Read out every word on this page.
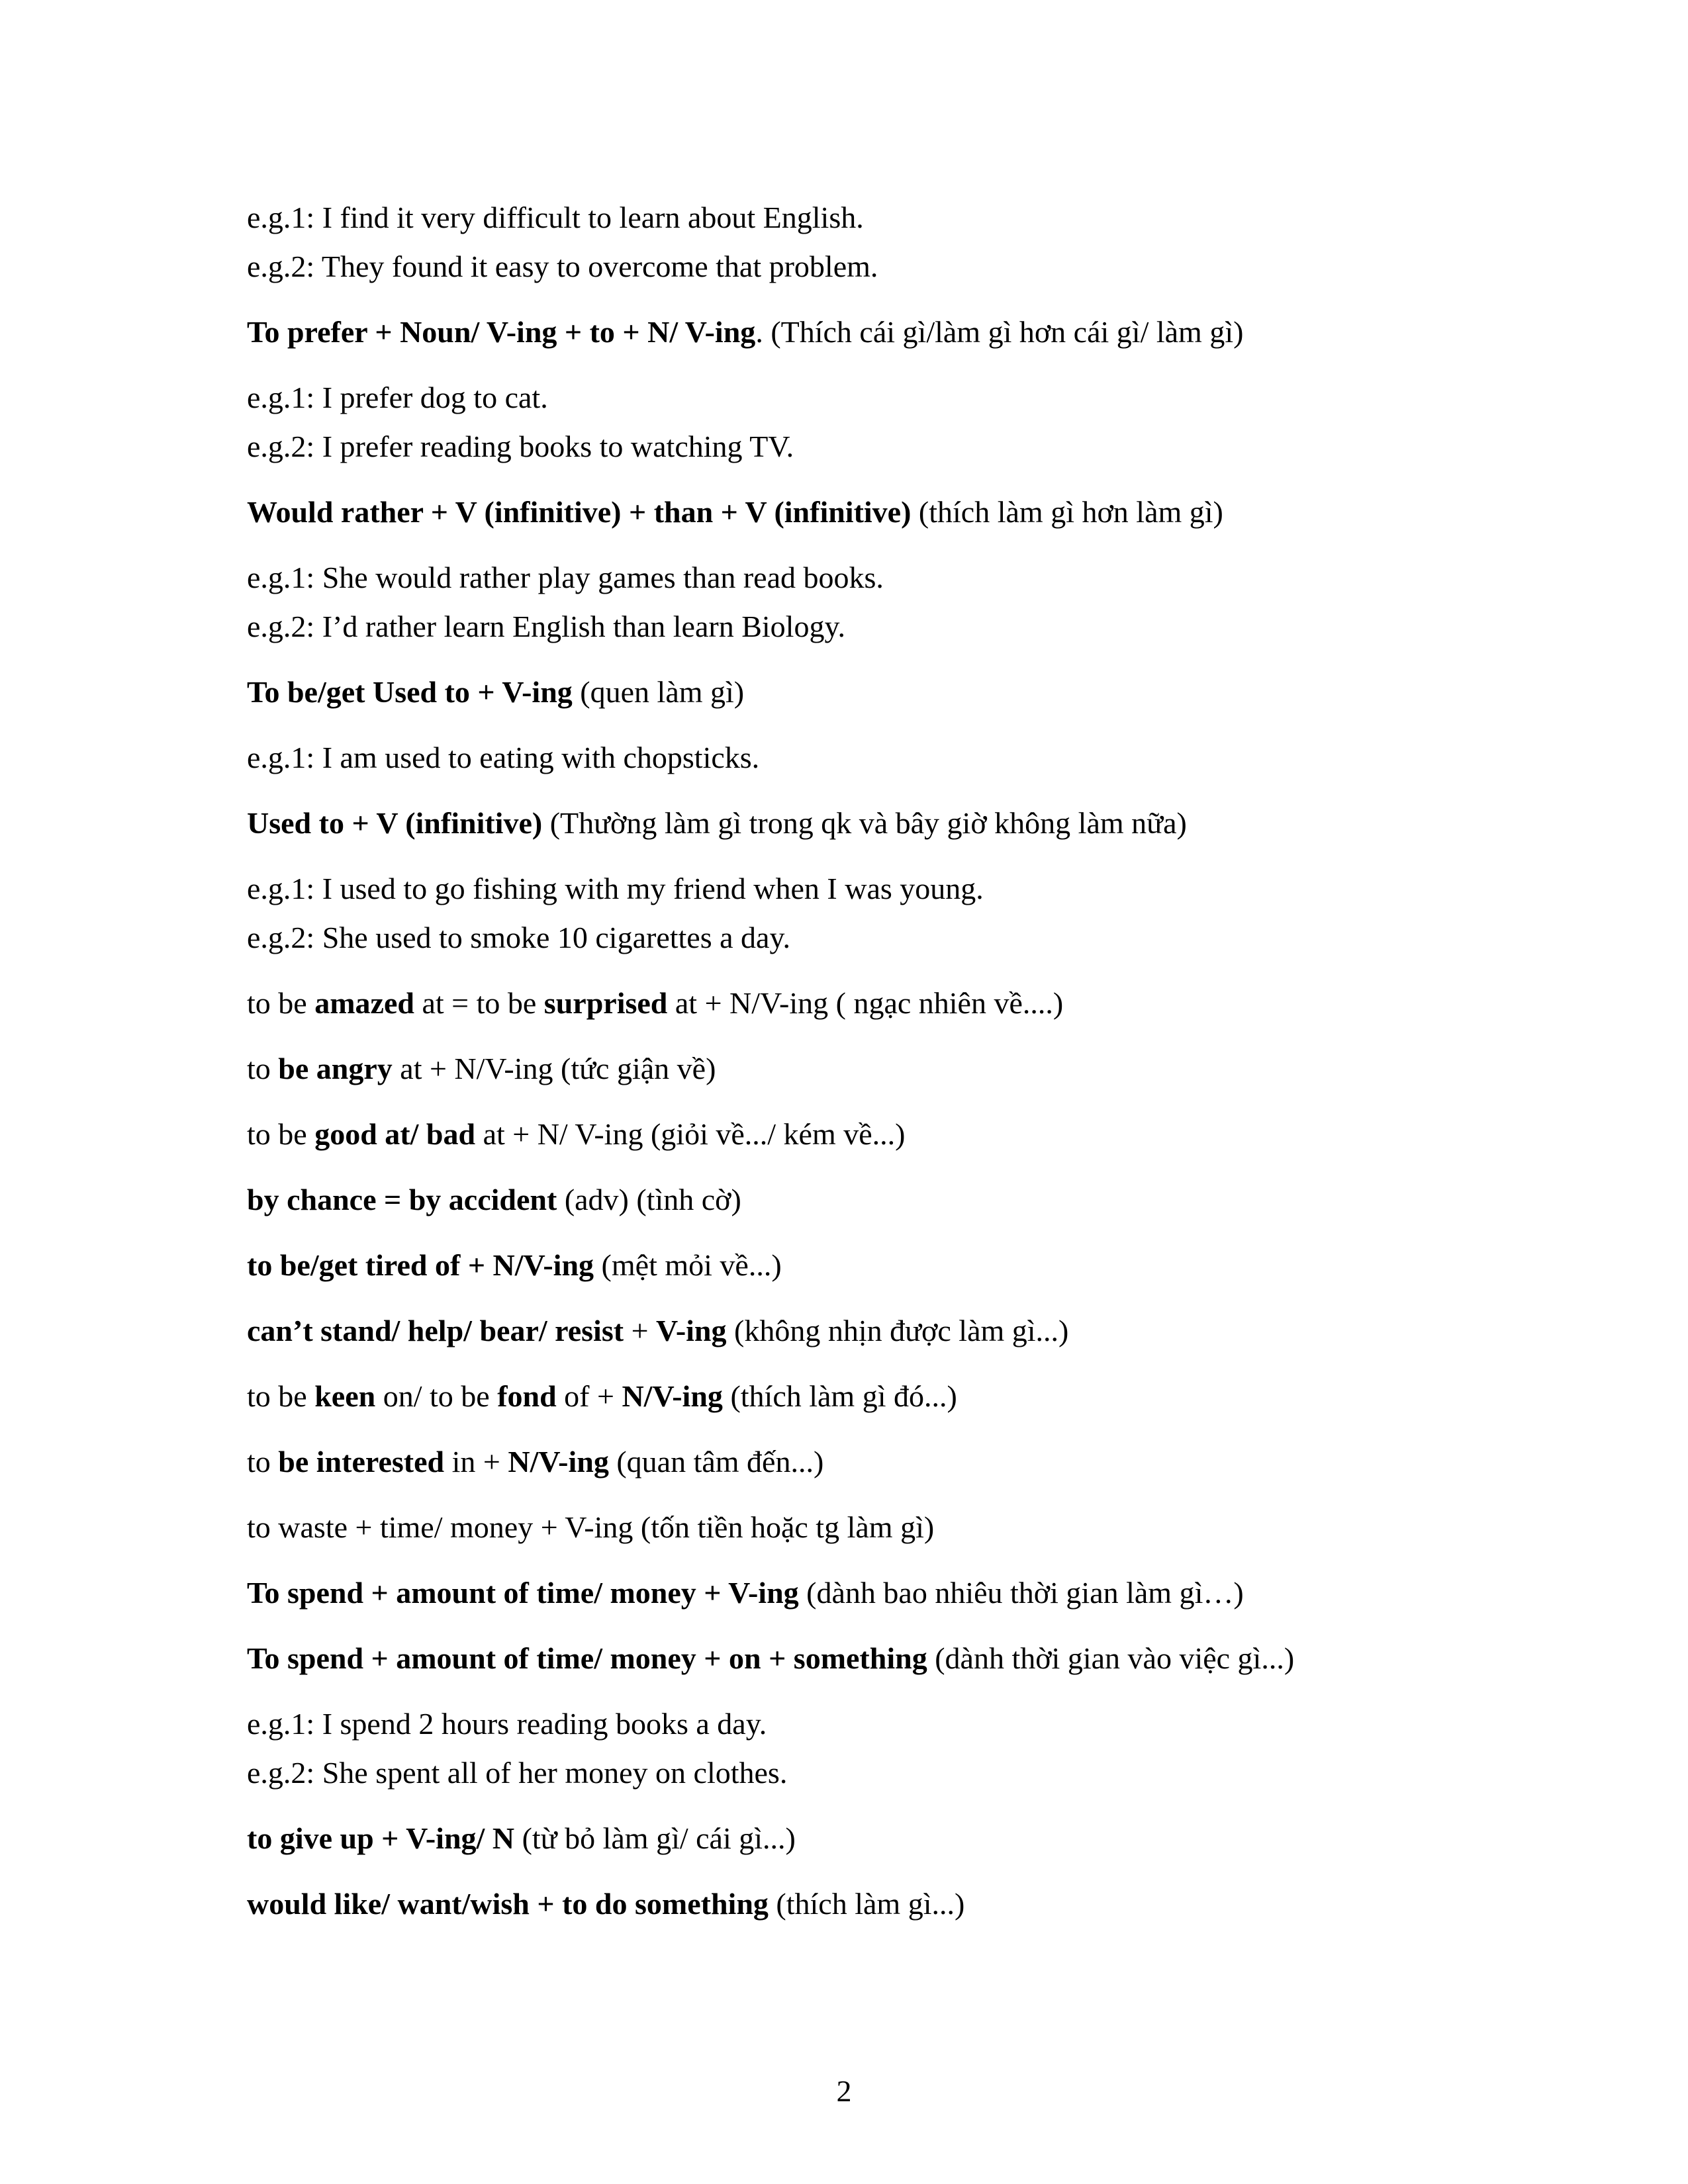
e.g.1: I find it very difficult to learn about English.
e.g.2: They found it easy to overcome that problem.
To prefer + Noun/ V-ing + to + N/ V-ing. (Thích cái gì/làm gì hơn cái gì/ làm gì)
e.g.1: I prefer dog to cat.
e.g.2: I prefer reading books to watching TV.
Would rather + V (infinitive) + than + V (infinitive) (thích làm gì hơn làm gì)
e.g.1: She would rather play games than read books.
e.g.2: I’d rather learn English than learn Biology.
To be/get Used to + V-ing (quen làm gì)
e.g.1: I am used to eating with chopsticks.
Used to + V (infinitive) (Thường làm gì trong qk và bây giờ không làm nữa)
e.g.1: I used to go fishing with my friend when I was young.
e.g.2: She used to smoke 10 cigarettes a day.
to be amazed at = to be surprised at + N/V-ing ( ngạc nhiên về....)
to be angry at + N/V-ing (tức giận về)
to be good at/ bad at + N/ V-ing (giỏi về.../ kém về...)
by chance = by accident (adv) (tình cờ)
to be/get tired of + N/V-ing (mệt mỏi về...)
can’t stand/ help/ bear/ resist + V-ing (không nhịn được làm gì...)
to be keen on/ to be fond of + N/V-ing (thích làm gì đó...)
to be interested in + N/V-ing (quan tâm đến...)
to waste + time/ money + V-ing (tốn tiền hoặc tg làm gì)
To spend + amount of time/ money + V-ing (dành bao nhiêu thời gian làm gì…)
To spend + amount of time/ money + on + something (dành thời gian vào việc gì...)
e.g.1: I spend 2 hours reading books a day.
e.g.2: She spent all of her money on clothes.
to give up + V-ing/ N (từ bỏ làm gì/ cái gì...)
would like/ want/wish + to do something (thích làm gì...)
2
